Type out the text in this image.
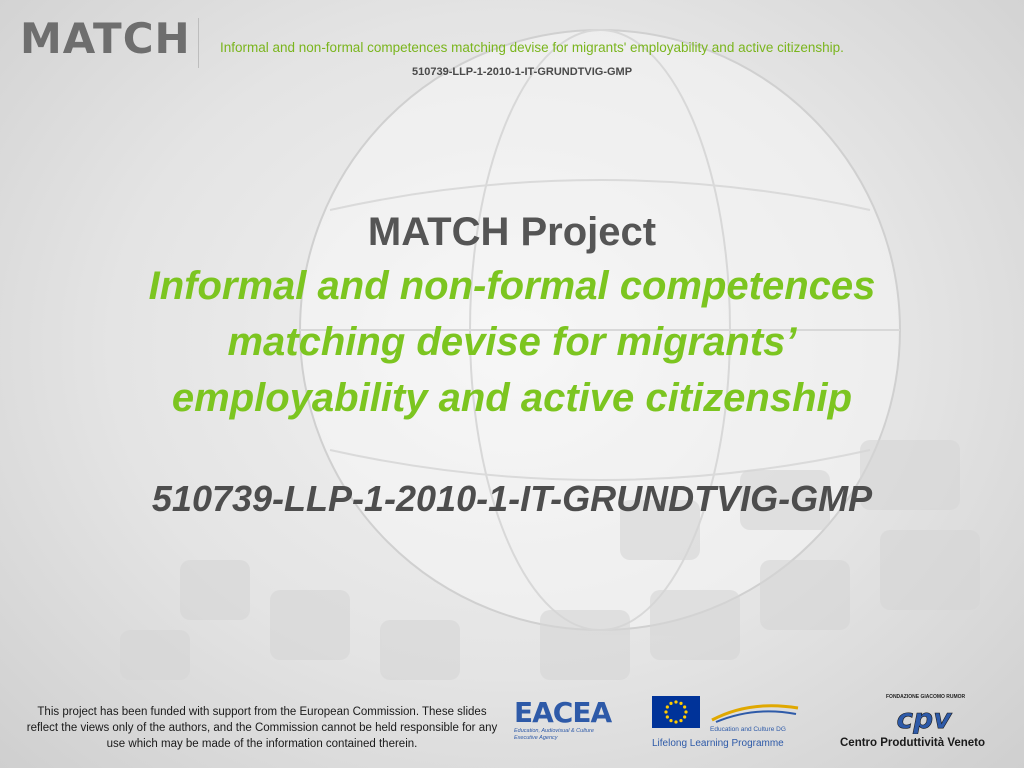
MATCH Informal and non-formal competences matching devise for migrants' employability and active citizenship.
510739-LLP-1-2010-1-IT-GRUNDTVIG-GMP
MATCH Project
Informal and non-formal competences
matching devise for migrants’
employability and active citizenship
510739-LLP-1-2010-1-IT-GRUNDTVIG-GMP
This project has been funded with support from the European Commission. These slides reflect the views only of the authors, and the Commission cannot be held responsible for any use which may be made of the information contained therein.
EACEA
Education, Audiovisual & Culture Executive Agency
Education and Culture DG
Lifelong Learning Programme
FONDAZIONE GIACOMO RUMOR
cpv
Centro Produttività Veneto
